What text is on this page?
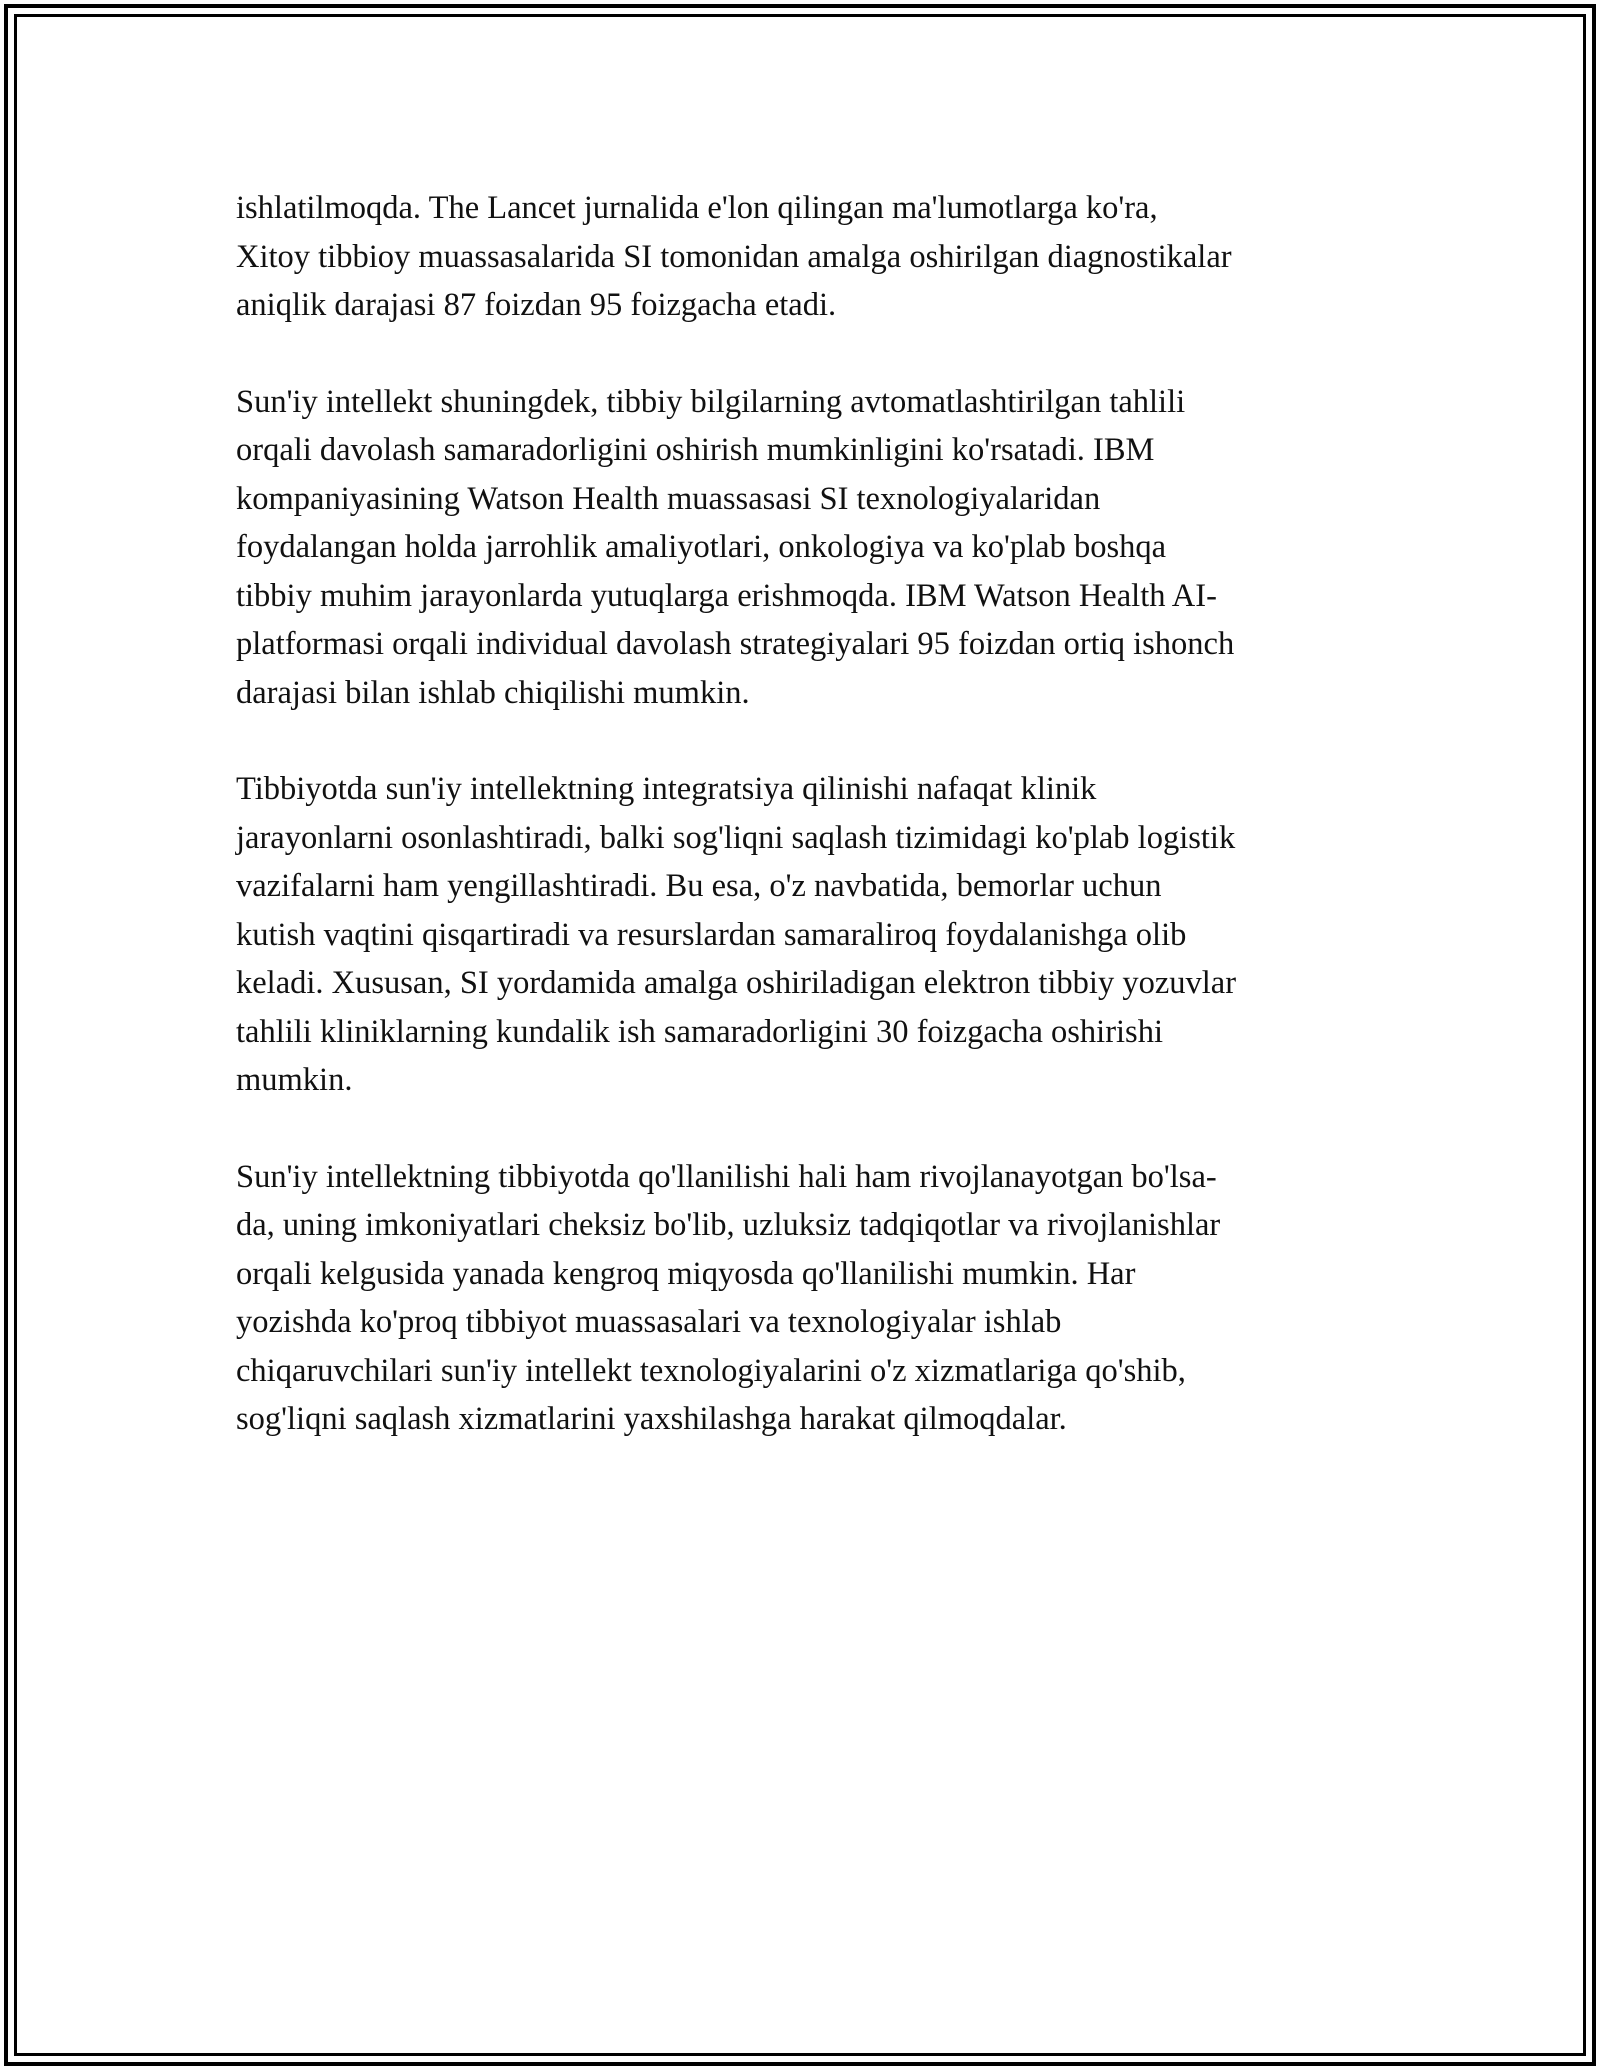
ishlatilmoqda. The Lancet jurnalida e'lon qilingan ma'lumotlarga ko'ra,
Xitoy tibbioy muassasalarida SI tomonidan amalga oshirilgan diagnostikalar
aniqlik darajasi 87 foizdan 95 foizgacha etadi.

Sun'iy intellekt shuningdek, tibbiy bilgilarning avtomatlashtirilgan tahlili
orqali davolash samaradorligini oshirish mumkinligini ko'rsatadi. IBM
kompaniyasining Watson Health muassasasi SI texnologiyalaridan
foydalangan holda jarrohlik amaliyotlari, onkologiya va ko'plab boshqa
tibbiy muhim jarayonlarda yutuqlarga erishmoqda. IBM Watson Health AI-
platformasi orqali individual davolash strategiyalari 95 foizdan ortiq ishonch
darajasi bilan ishlab chiqilishi mumkin.

Tibbiyotda sun'iy intellektning integratsiya qilinishi nafaqat klinik
jarayonlarni osonlashtiradi, balki sog'liqni saqlash tizimidagi ko'plab logistik
vazifalarni ham yengillashtiradi. Bu esa, o'z navbatida, bemorlar uchun
kutish vaqtini qisqartiradi va resurslardan samaraliroq foydalanishga olib
keladi. Xususan, SI yordamida amalga oshiriladigan elektron tibbiy yozuvlar
tahlili kliniklarning kundalik ish samaradorligini 30 foizgacha oshirishi
mumkin.

Sun'iy intellektning tibbiyotda qo'llanilishi hali ham rivojlanayotgan bo'lsa-
da, uning imkoniyatlari cheksiz bo'lib, uzluksiz tadqiqotlar va rivojlanishlar
orqali kelgusida yanada kengroq miqyosda qo'llanilishi mumkin. Har
yozishda ko'proq tibbiyot muassasalari va texnologiyalar ishlab
chiqaruvchilari sun'iy intellekt texnologiyalarini o'z xizmatlariga qo'shib,
sog'liqni saqlash xizmatlarini yaxshilashga harakat qilmoqdalar.
